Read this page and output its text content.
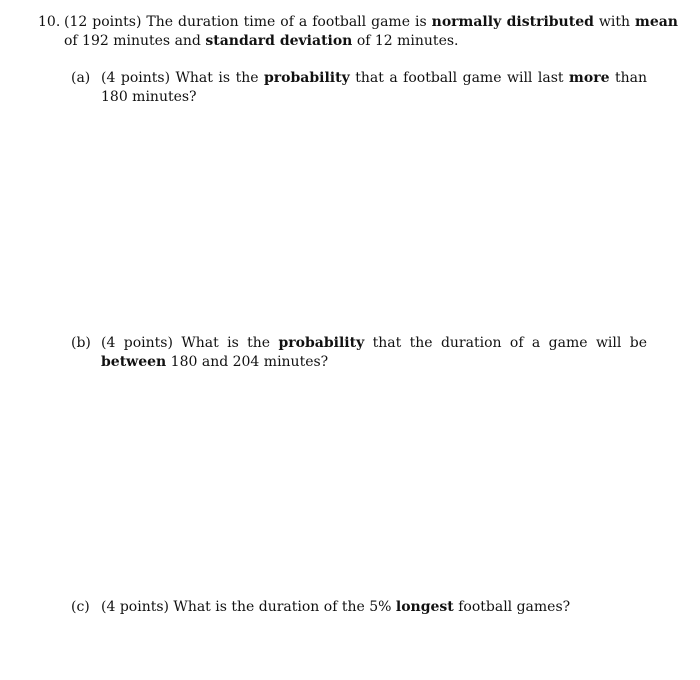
10. (12 points) The duration time of a football game is normally distributed with mean of 192 minutes and standard deviation of 12 minutes.
(a) (4 points) What is the probability that a football game will last more than 180 minutes?
(b) (4 points) What is the probability that the duration of a game will be between 180 and 204 minutes?
(c) (4 points) What is the duration of the 5% longest football games?
